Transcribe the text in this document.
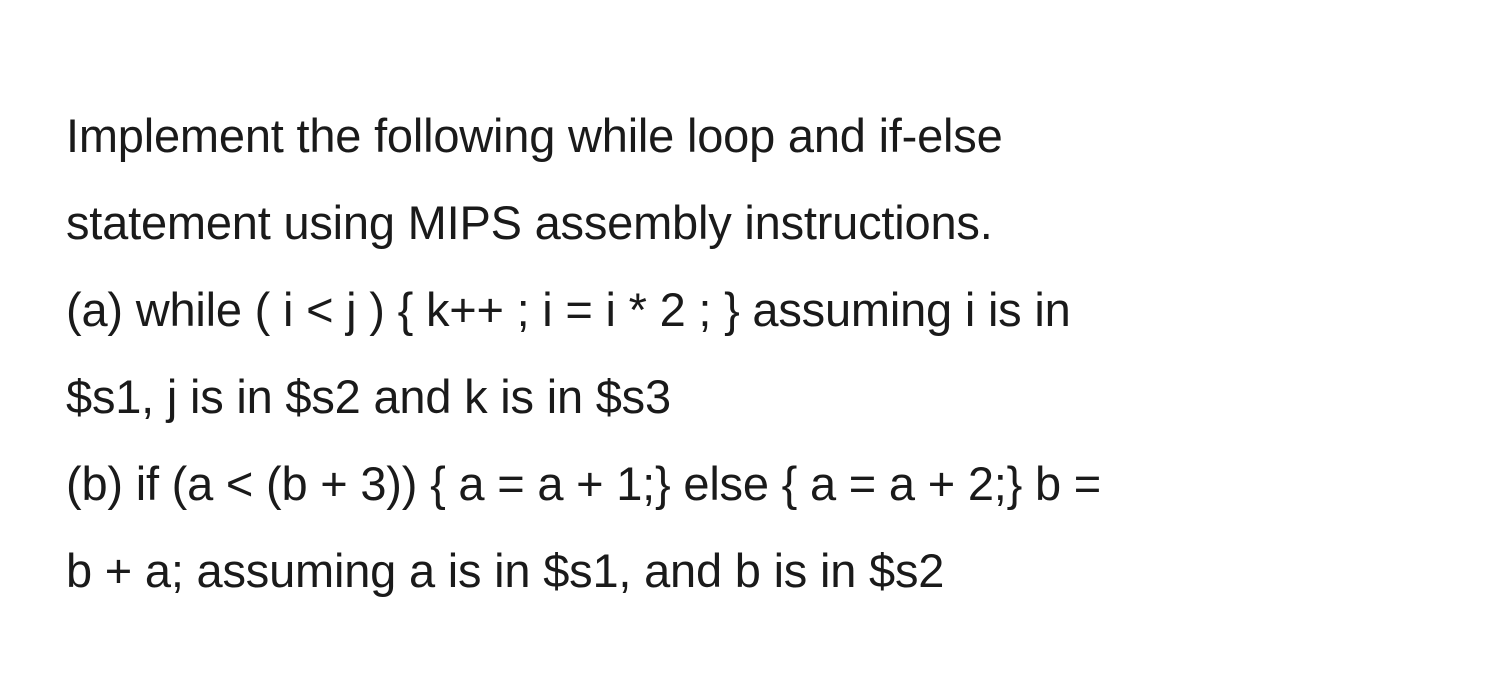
Implement the following while loop and if-else
statement using MIPS assembly instructions.
(a) while ( i < j ) { k++ ; i = i * 2 ; } assuming i is in
$s1, j is in $s2 and k is in $s3
(b) if (a < (b + 3)) { a = a + 1;} else { a = a + 2;} b =
b + a; assuming a is in $s1, and b is in $s2
